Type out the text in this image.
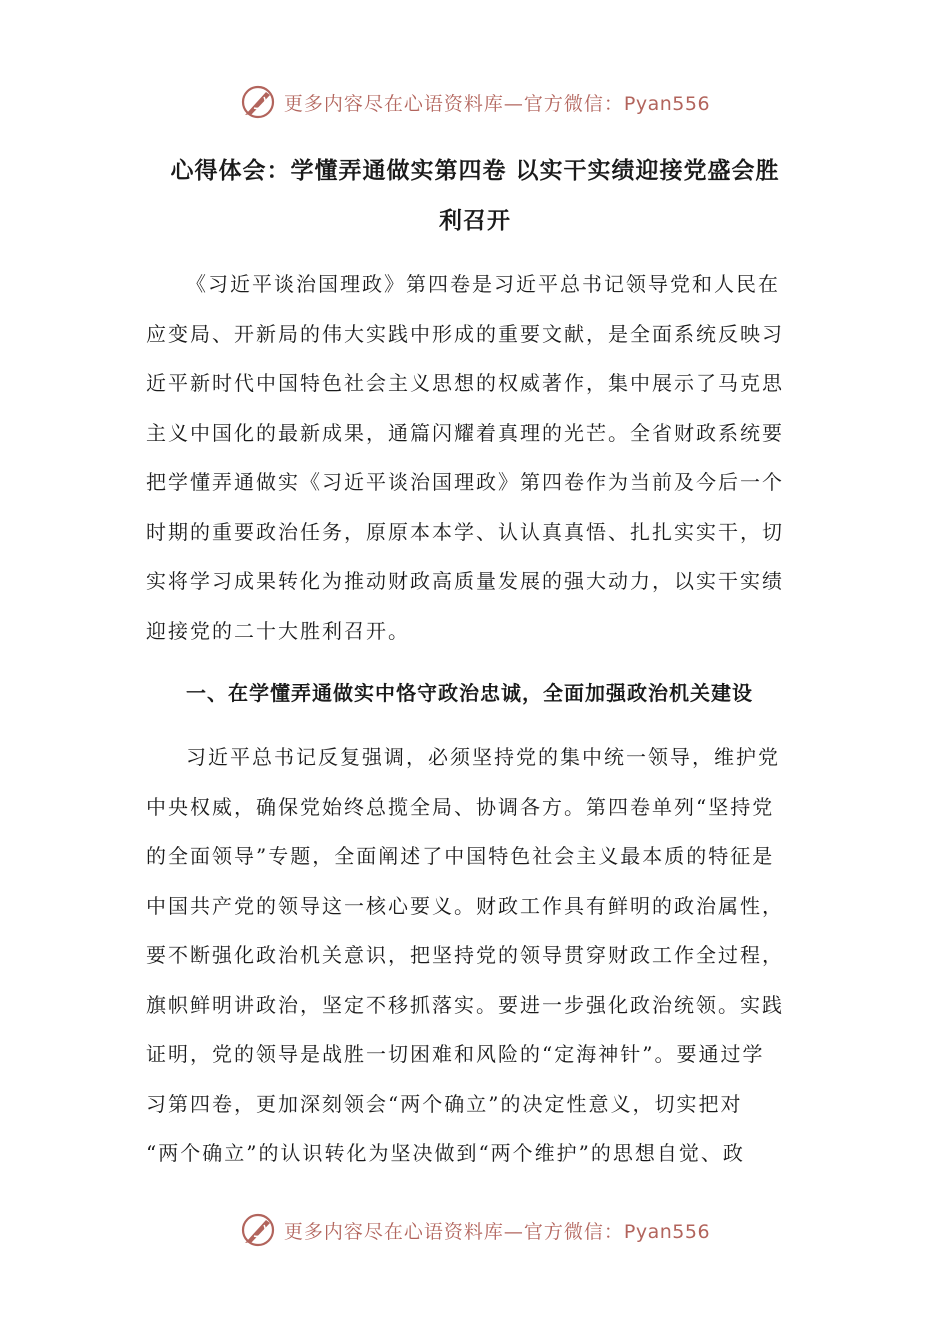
更多内容尽在心语资料库—官方微信：Pyan556
心得体会：学懂弄通做实第四卷 以实干实绩迎接党盛会胜
利召开

《习近平谈治国理政》第四卷是习近平总书记领导党和人民在
应变局、开新局的伟大实践中形成的重要文献，是全面系统反映习
近平新时代中国特色社会主义思想的权威著作，集中展示了马克思
主义中国化的最新成果，通篇闪耀着真理的光芒。全省财政系统要
把学懂弄通做实《习近平谈治国理政》第四卷作为当前及今后一个
时期的重要政治任务，原原本本学、认认真真悟、扎扎实实干，切
实将学习成果转化为推动财政高质量发展的强大动力，以实干实绩
迎接党的二十大胜利召开。

一、在学懂弄通做实中恪守政治忠诚，全面加强政治机关建设

习近平总书记反复强调，必须坚持党的集中统一领导，维护党
中央权威，确保党始终总揽全局、协调各方。第四卷单列“坚持党
的全面领导”专题，全面阐述了中国特色社会主义最本质的特征是
中国共产党的领导这一核心要义。财政工作具有鲜明的政治属性，
要不断强化政治机关意识，把坚持党的领导贯穿财政工作全过程，
旗帜鲜明讲政治，坚定不移抓落实。要进一步强化政治统领。实践
证明，党的领导是战胜一切困难和风险的“定海神针”。要通过学
习第四卷，更加深刻领会“两个确立”的决定性意义，切实把对
“两个确立”的认识转化为坚决做到“两个维护”的思想自觉、政

更多内容尽在心语资料库—官方微信：Pyan556
